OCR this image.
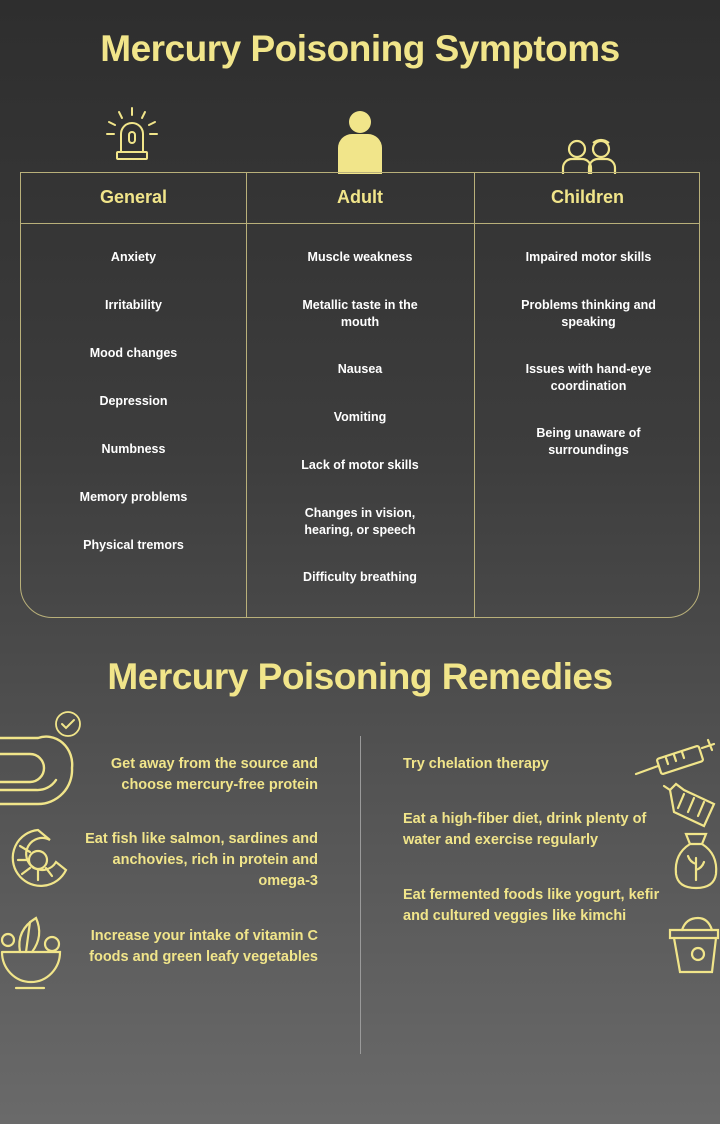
Mercury Poisoning Symptoms
General	Adult	Children
Anxiety
Irritability
Mood changes
Depression
Numbness
Memory problems
Physical tremors
Muscle weakness
Metallic taste in the mouth
Nausea
Vomiting
Lack of motor skills
Changes in vision, hearing, or speech
Difficulty breathing
Impaired motor skills
Problems thinking and speaking
Issues with hand-eye coordination
Being unaware of surroundings
Mercury Poisoning Remedies
Get away from the source and choose mercury-free protein
Eat fish like salmon, sardines and anchovies, rich in protein and omega-3
Increase your intake of vitamin C foods and green leafy vegetables
Try chelation therapy
Eat a high-fiber diet, drink plenty of water and exercise regularly
Eat fermented foods like yogurt, kefir and cultured veggies like kimchi
